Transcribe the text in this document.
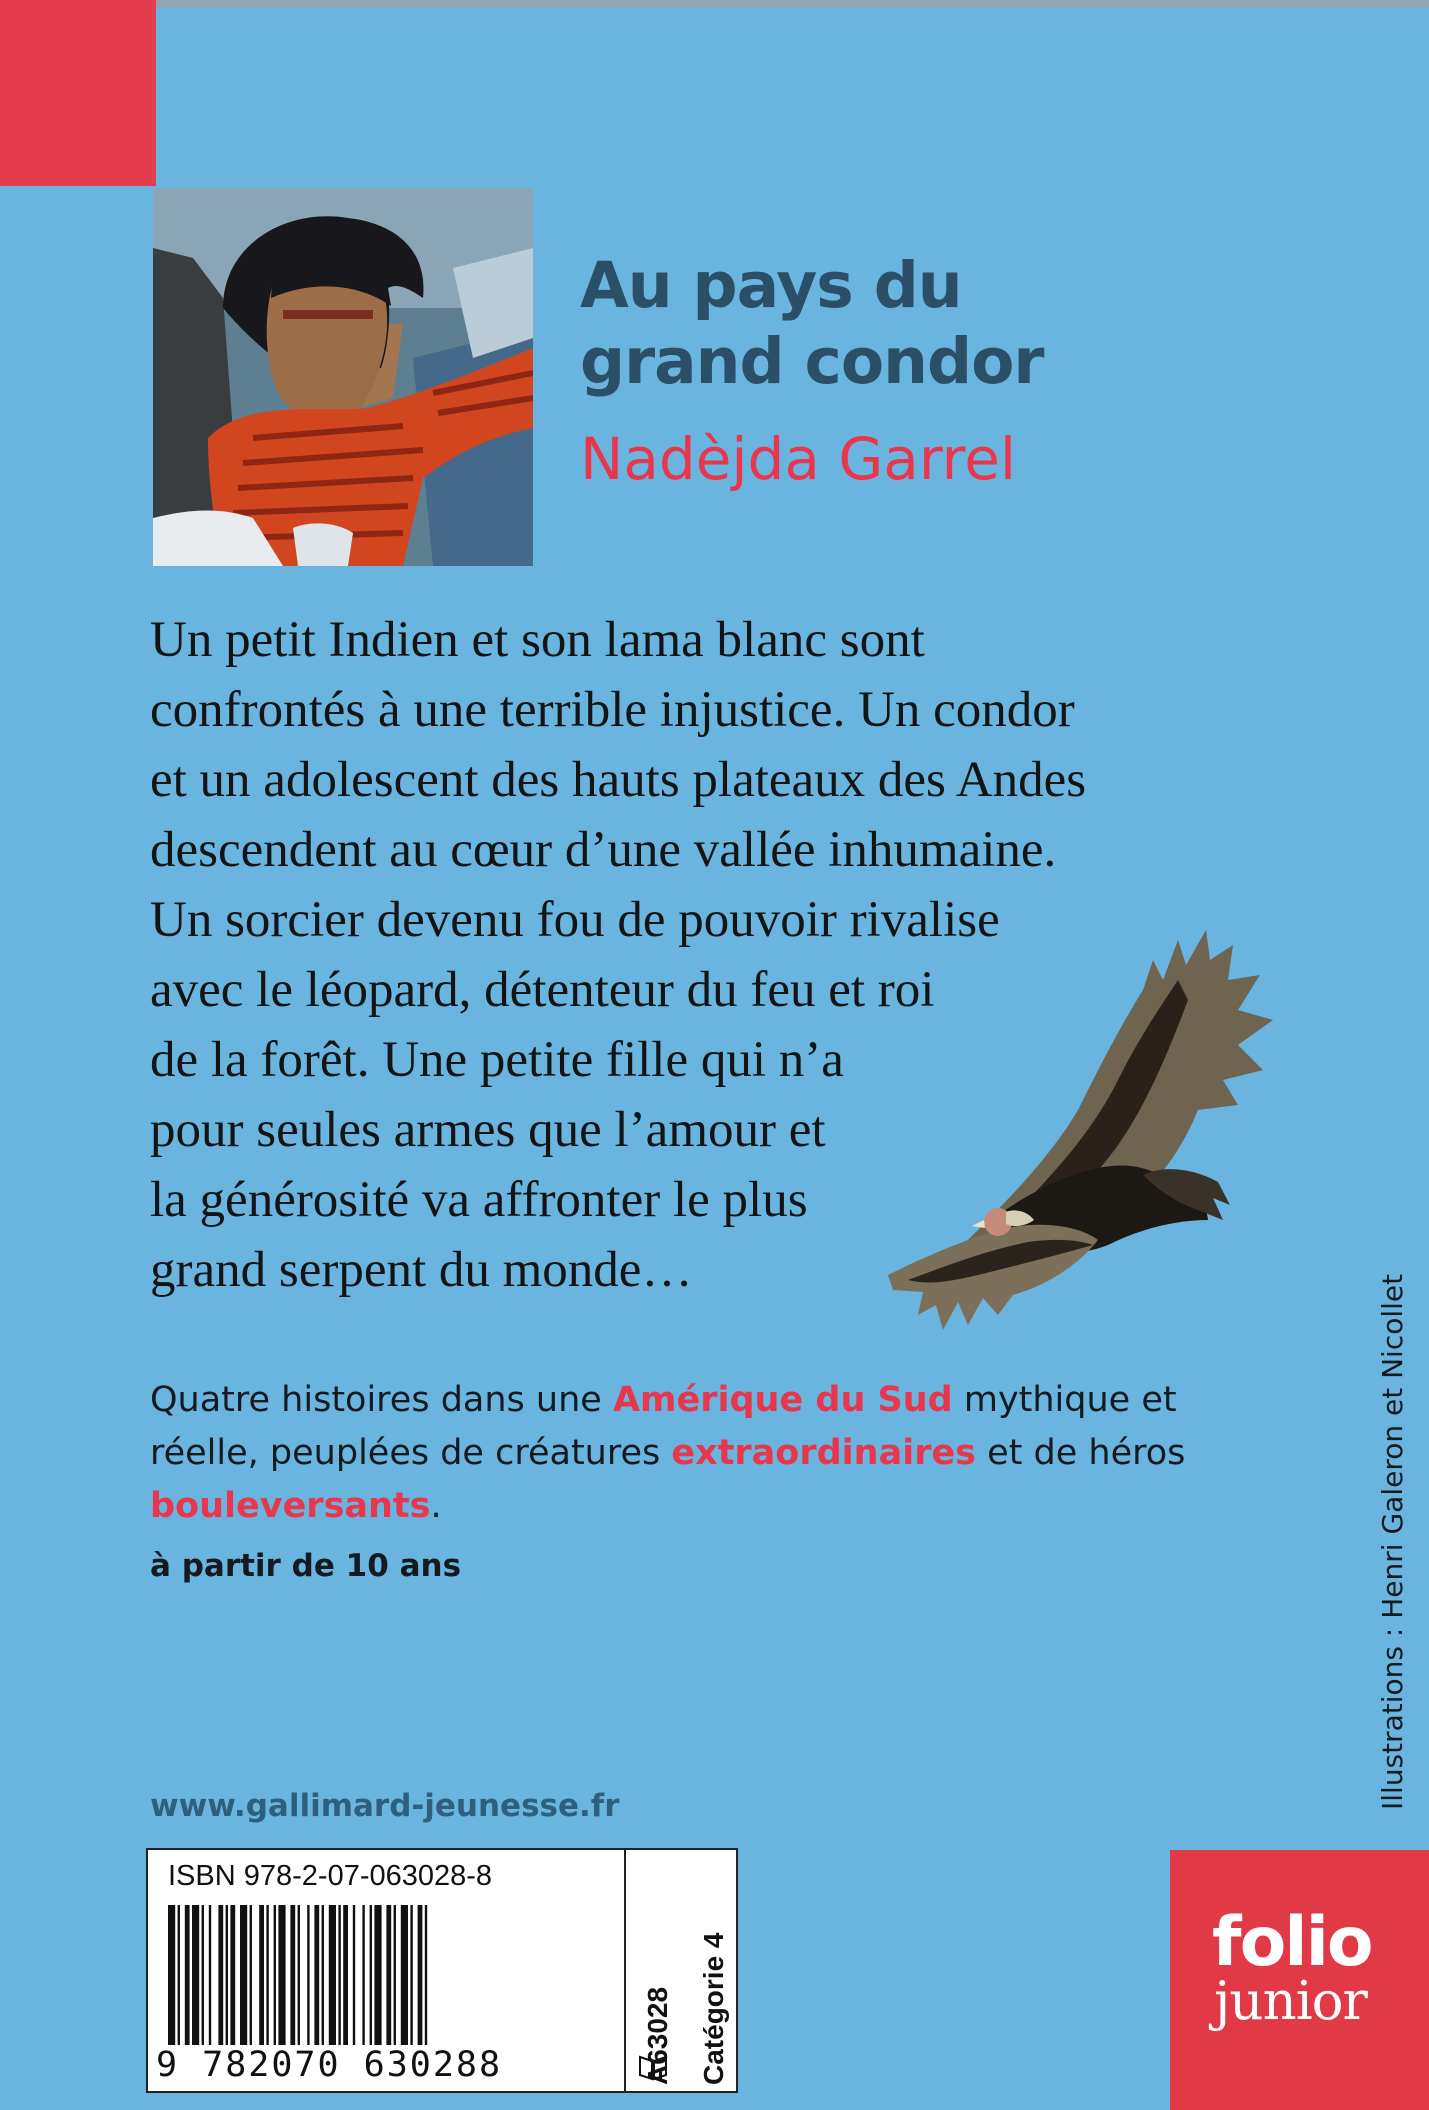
Au pays du
grand condor

Nadèjda Garrel

Un petit Indien et son lama blanc sont
confrontés à une terrible injustice. Un condor
et un adolescent des hauts plateaux des Andes
descendent au cœur d’une vallée inhumaine.
Un sorcier devenu fou de pouvoir rivalise
avec le léopard, détenteur du feu et roi
de la forêt. Une petite fille qui n’a
pour seules armes que l’amour et
la générosité va affronter le plus
grand serpent du monde…

Quatre histoires dans une Amérique du Sud mythique et réelle, peuplées de créatures extraordinaires et de héros bouleversants.

à partir de 10 ans	Illustrations : Henri Galeron et Nicollet

www.gallimard-jeunesse.fr

ISBN 978-2-07-063028-8

9 782070 630288	A63028 Catégorie 4	folio

junior
